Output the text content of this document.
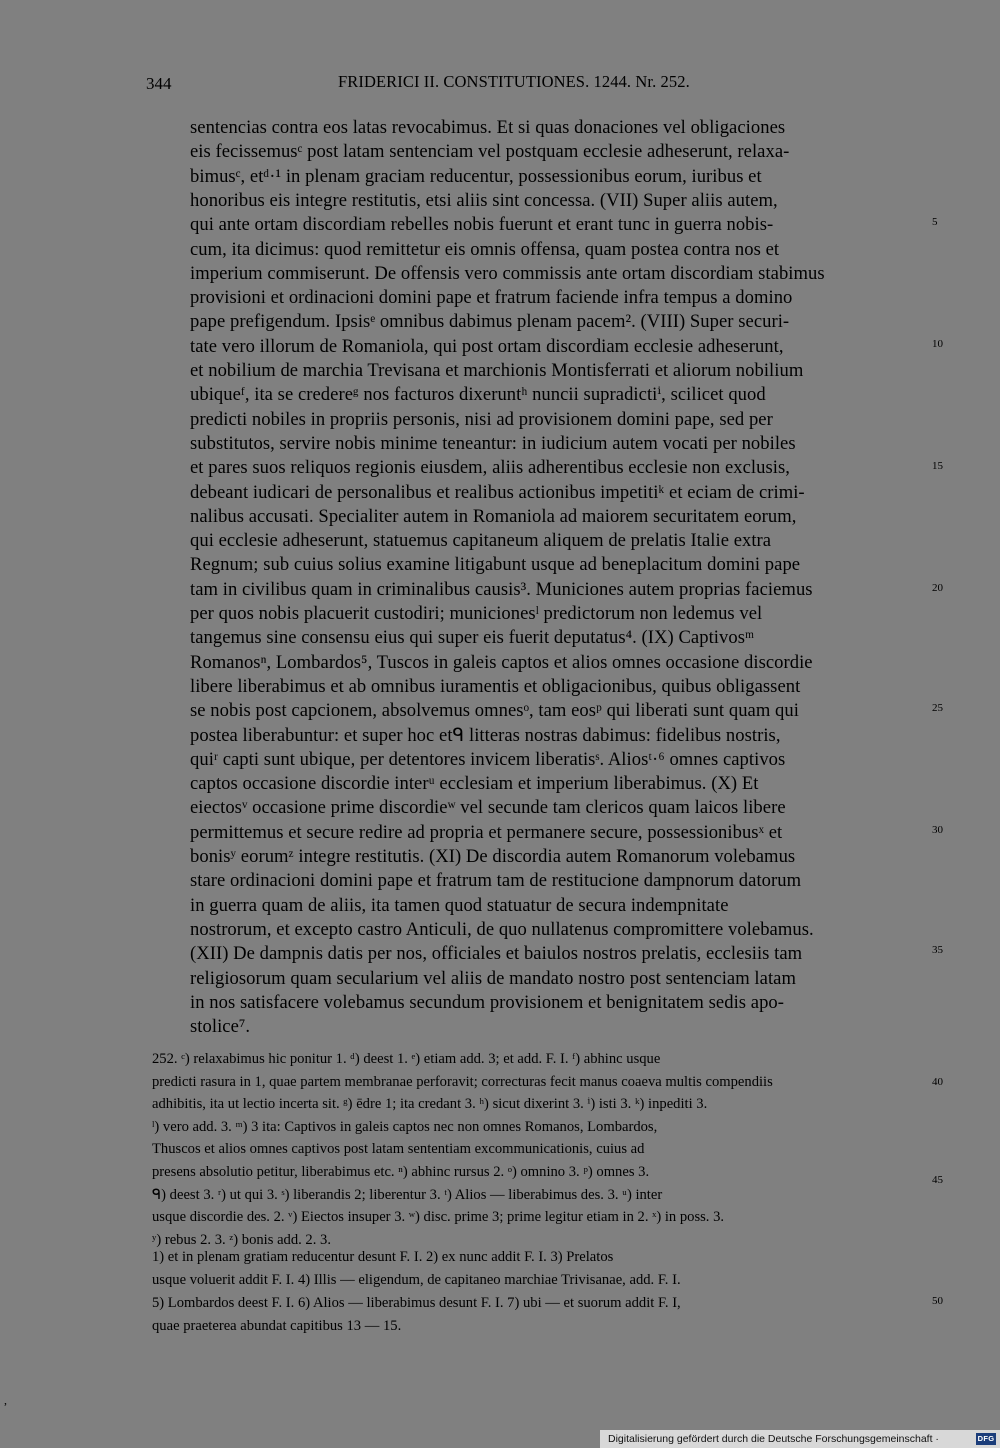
344	FRIDERICI II. CONSTITUTIONES. 1244. Nr. 252.
sentencias contra eos latas revocabimus. Et si quas donaciones vel obligaciones
eis fecissemusᶜ post latam sentenciam vel postquam ecclesie adheserunt, relaxa-
bimusᶜ, etᵈ·¹ in plenam graciam reducentur, possessionibus eorum, iuribus et
honoribus eis integre restitutis, etsi aliis sint concessa. (VII) Super aliis autem,
qui ante ortam discordiam rebelles nobis fuerunt et erant tunc in guerra nobis-
cum, ita dicimus: quod remittetur eis omnis offensa, quam postea contra nos et
imperium commiserunt. De offensis vero commissis ante ortam discordiam stabimus
provisioni et ordinacioni domini pape et fratrum faciende infra tempus a domino
pape prefigendum. Ipsisᵉ omnibus dabimus plenam pacem². (VIII) Super securi-
tate vero illorum de Romaniola, qui post ortam discordiam ecclesie adheserunt,
et nobilium de marchia Trevisana et marchionis Montisferrati et aliorum nobilium
ubiqueᶠ, ita se credereᵍ nos facturos dixeruntʰ nuncii supradictiⁱ, scilicet quod
predicti nobiles in propriis personis, nisi ad provisionem domini pape, sed per
substitutos, servire nobis minime teneantur: in iudicium autem vocati per nobiles
et pares suos reliquos regionis eiusdem, aliis adherentibus ecclesie non exclusis,
debeant iudicari de personalibus et realibus actionibus impetitiᵏ et eciam de crimi-
nalibus accusati. Specialiter autem in Romaniola ad maiorem securitatem eorum,
qui ecclesie adheserunt, statuemus capitaneum aliquem de prelatis Italie extra
Regnum; sub cuius solius examine litigabunt usque ad beneplacitum domini pape
tam in civilibus quam in criminalibus causis³. Municiones autem proprias faciemus
per quos nobis placuerit custodiri; municionesˡ predictorum non ledemus vel
tangemus sine consensu eius qui super eis fuerit deputatus⁴. (IX) Captivosᵐ
Romanosⁿ, Lombardos⁵, Tuscos in galeis captos et alios omnes occasione discordie
libere liberabimus et ab omnibus iuramentis et obligacionibus, quibus obligassent
se nobis post capcionem, absolvemus omnesᵒ, tam eosᵖ qui liberati sunt quam qui
postea liberabuntur: et super hoc etᑫ litteras nostras dabimus: fidelibus nostris,
quiʳ capti sunt ubique, per detentores invicem liberatisˢ. Aliosᵗ·⁶ omnes captivos
captos occasione discordie interᵘ ecclesiam et imperium liberabimus. (X) Et
eiectosᵛ occasione prime discordieʷ vel secunde tam clericos quam laicos libere
permittemus et secure redire ad propria et permanere secure, possessionibusˣ et
bonisʸ eorumᶻ integre restitutis. (XI) De discordia autem Romanorum volebamus
stare ordinacioni domini pape et fratrum tam de restitucione dampnorum datorum
in guerra quam de aliis, ita tamen quod statuatur de secura indempnitate
nostrorum, et excepto castro Anticuli, de quo nullatenus compromittere volebamus.
(XII) De dampnis datis per nos, officiales et baiulos nostros prelatis, ecclesiis tam
religiosorum quam secularium vel aliis de mandato nostro post sentenciam latam
in nos satisfacere volebamus secundum provisionem et benignitatem sedis apo-
stolice⁷.
5
10
15
20
25
30
35
252. ᶜ) relaxabimus hic ponitur 1. ᵈ) deest 1. ᵉ) etiam add. 3; et add. F. I. ᶠ) abhinc usque
predicti rasura in 1, quae partem membranae perforavit; correcturas fecit manus coaeva multis compendiis
adhibitis, ita ut lectio incerta sit. ᵍ) ēdre 1; ita credant 3. ʰ) sicut dixerint 3. ⁱ) isti 3. ᵏ) inpediti 3.
ˡ) vero add. 3. ᵐ) 3 ita: Captivos in galeis captos nec non omnes Romanos, Lombardos,
Thuscos et alios omnes captivos post latam sententiam excommunicationis, cuius ad
presens absolutio petitur, liberabimus etc. ⁿ) abhinc rursus 2. ᵒ) omnino 3. ᵖ) omnes 3.
ᑫ) deest 3. ʳ) ut qui 3. ˢ) liberandis 2; liberentur 3. ᵗ) Alios — liberabimus des. 3. ᵘ) inter
usque discordie des. 2. ᵛ) Eiectos insuper 3. ʷ) disc. prime 3; prime legitur etiam in 2. ˣ) in poss. 3.
ʸ) rebus 2. 3. ᶻ) bonis add. 2. 3.
40
45
1) et in plenam gratiam reducentur desunt F. I. 2) ex nunc addit F. I. 3) Prelatos
usque voluerit addit F. I. 4) Illis — eligendum, de capitaneo marchiae Trivisanae, add. F. I.
5) Lombardos deest F. I. 6) Alios — liberabimus desunt F. I. 7) ubi — et suorum addit F. I,
quae praeterea abundat capitibus 13 — 15.
50
,
Digitalisierung gefördert durch die Deutsche Forschungsgemeinschaft ·	DFG
